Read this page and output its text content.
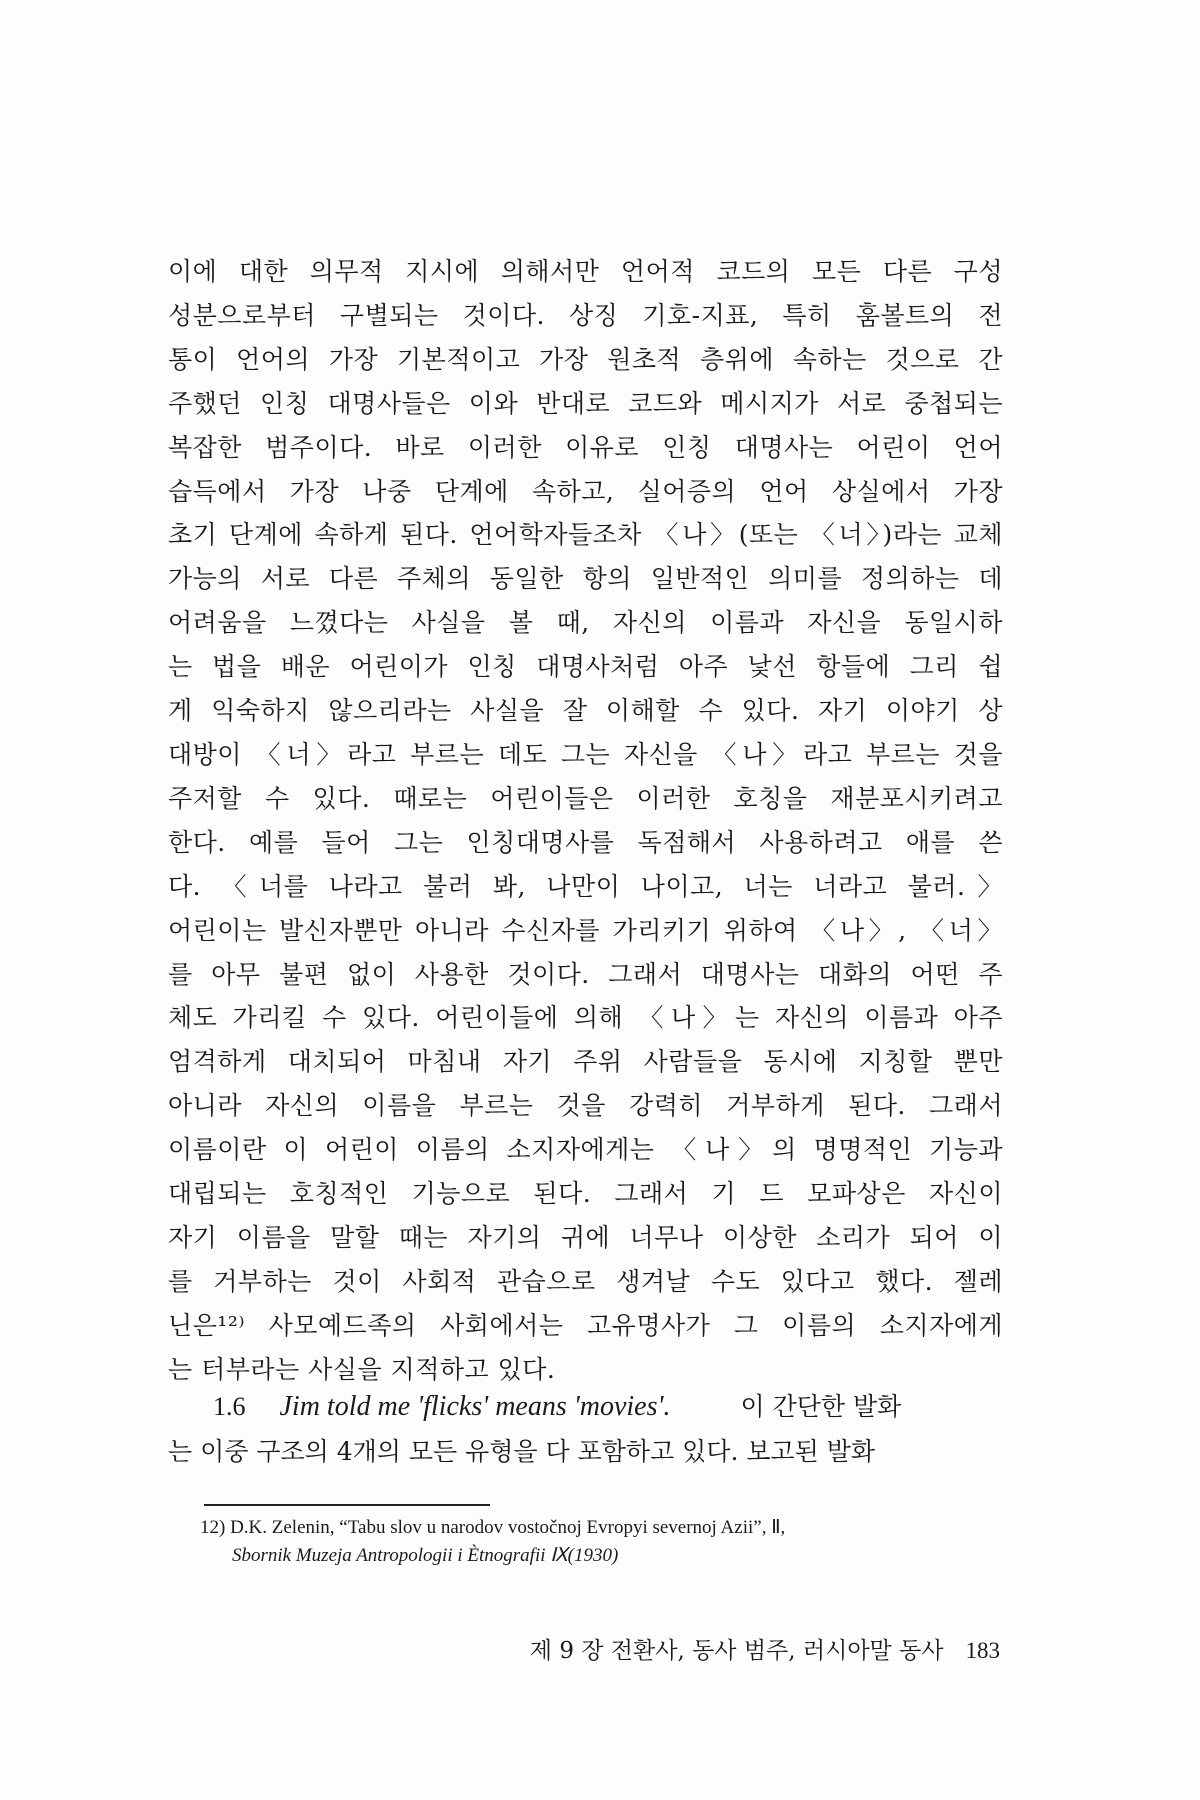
이에 대한 의무적 지시에 의해서만 언어적 코드의 모든 다른 구성
성분으로부터 구별되는 것이다. 상징 기호-지표, 특히 훔볼트의 전
통이 언어의 가장 기본적이고 가장 원초적 층위에 속하는 것으로 간
주했던 인칭 대명사들은 이와 반대로 코드와 메시지가 서로 중첩되는
복잡한 범주이다. 바로 이러한 이유로 인칭 대명사는 어린이 언어
습득에서 가장 나중 단계에 속하고, 실어증의 언어 상실에서 가장
초기 단계에 속하게 된다. 언어학자들조차 〈나〉(또는 〈너〉)라는 교체
가능의 서로 다른 주체의 동일한 항의 일반적인 의미를 정의하는 데
어려움을 느꼈다는 사실을 볼 때, 자신의 이름과 자신을 동일시하
는 법을 배운 어린이가 인칭 대명사처럼 아주 낯선 항들에 그리 쉽
게 익숙하지 않으리라는 사실을 잘 이해할 수 있다. 자기 이야기 상
대방이 〈너〉라고 부르는 데도 그는 자신을 〈나〉라고 부르는 것을
주저할 수 있다. 때로는 어린이들은 이러한 호칭을 재분포시키려고
한다. 예를 들어 그는 인칭대명사를 독점해서 사용하려고 애를 쓴
다. 〈너를 나라고 불러 봐, 나만이 나이고, 너는 너라고 불러.〉
어린이는 발신자뿐만 아니라 수신자를 가리키기 위하여 〈나〉, 〈너〉
를 아무 불편 없이 사용한 것이다. 그래서 대명사는 대화의 어떤 주
체도 가리킬 수 있다. 어린이들에 의해 〈나〉는 자신의 이름과 아주
엄격하게 대치되어 마침내 자기 주위 사람들을 동시에 지칭할 뿐만
아니라 자신의 이름을 부르는 것을 강력히 거부하게 된다. 그래서
이름이란 이 어린이 이름의 소지자에게는 〈나〉의 명명적인 기능과
대립되는 호칭적인 기능으로 된다. 그래서 기 드 모파상은 자신이
자기 이름을 말할 때는 자기의 귀에 너무나 이상한 소리가 되어 이
를 거부하는 것이 사회적 관습으로 생겨날 수도 있다고 했다. 젤레
닌은¹²⁾ 사모예드족의 사회에서는 고유명사가 그 이름의 소지자에게
는 터부라는 사실을 지적하고 있다.
1.6 Jim told me 'flicks' means 'movies'.	이 간단한 발화
는 이중 구조의 4개의 모든 유형을 다 포함하고 있다. 보고된 발화
12) D.K. Zelenin, “Tabu slov u narodov vostočnoj Evropyi severnoj Azii”, Ⅱ,
Sbornik Muzeja Antropologii i Ètnografii Ⅸ(1930)
제 9 장 전환사, 동사 범주, 러시아말 동사 183
